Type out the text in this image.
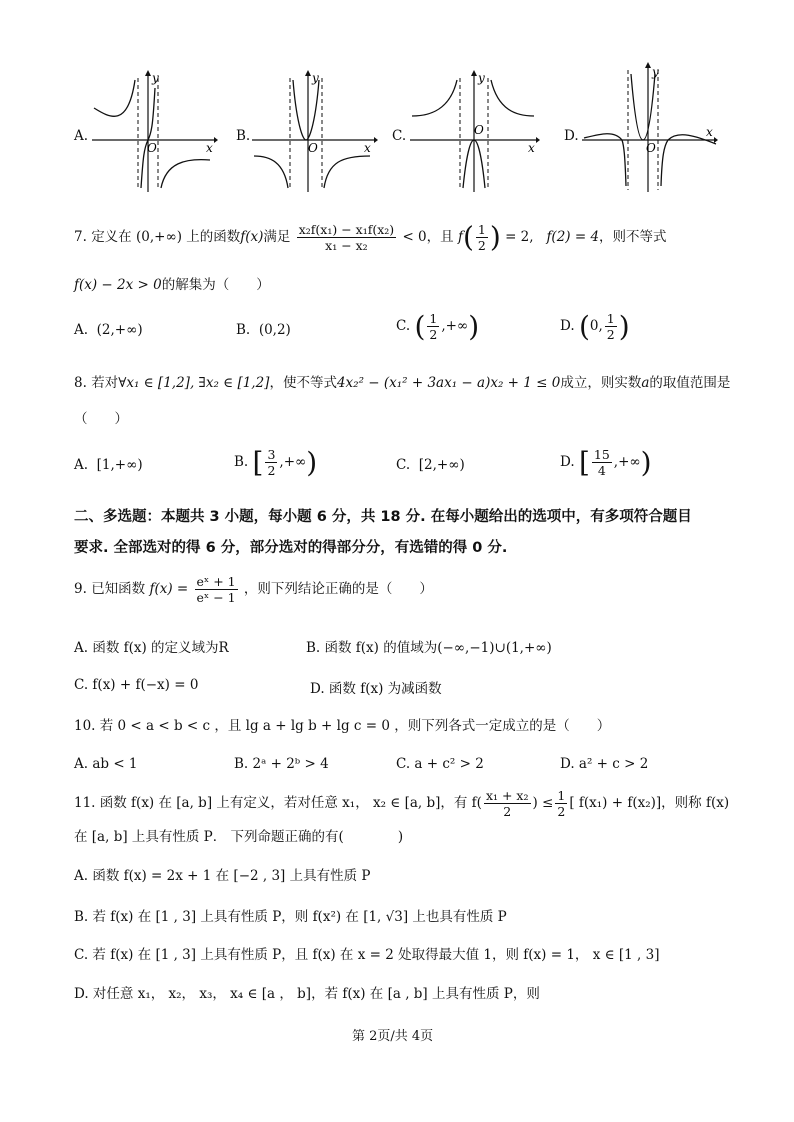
A.
y
x
O
B.
y
x
O
C.
y
x
O	D.
y
x
O
7. 定义在 (0,+∞) 上的函数f(x)满足 $\frac{\text{x₂f(x₁) − x₁f(x₂)}}{\text{x₁ − x₂}} < 0$，且 $f( \frac{1}{2}$ ) = 2, f(2) = 4，则不等式
f(x) − 2x > 0的解集为（　　）
A. (2,+∞)	B. (0,2)	C. ( $\frac{1}{2}$ ,+∞)	D. (0, $\frac{1}{2}$ )
8. 若对∀x₁ ∈ [1,2], ∃x₂ ∈ [1,2]，使不等式4x₂² − (x₁² + 3ax₁ − a)x₂ + 1 ≤ 0成立，则实数a的取值范围是
（　　）
A. [1,+∞)	B. [ $\frac{3}{2}$ ,+∞)	C. [2,+∞)	D. [ $\frac{15}{4}$ ,+∞)
二、多选题：本题共 3 小题，每小题 6 分，共 18 分. 在每小题给出的选项中，有多项符合题目
要求. 全部选对的得 6 分，部分选对的得部分分，有选错的得 0 分.
9. 已知函数 $f(x) = \frac{\text{eˣ + 1}}{\text{eˣ − 1}}$ ，则下列结论正确的是（　　）
A. 函数 f(x) 的定义域为R	B. 函数 f(x) 的值域为(−∞,−1)∪(1,+∞)
C. f(x) + f(−x) = 0	D. 函数 f(x) 为减函数
10. 若 0 < a < b < c ，且 lg a + lg b + lg c = 0 ，则下列各式一定成立的是（　　）
A. ab < 1	B. 2ᵃ + 2ᵇ > 4	C. a + c² > 2	D. a² + c > 2
11. 函数 f(x) 在 [a, b] 上有定义，若对任意 x₁， x₂ ∈ [a, b]，有 $f( \frac{\text{x₁ + x₂}}{2}$ ) ≤ $\frac{1}{2}$ [ f(x₁) + f(x₂)]，则称 f(x)
在 [a, b] 上具有性质 P． 下列命题正确的有(　　　　)
A. 函数 f(x) = 2x + 1 在 [−2 , 3] 上具有性质 P
B. 若 f(x) 在 [1 , 3] 上具有性质 P，则 f(x²) 在 [1, √3] 上也具有性质 P
C. 若 f(x) 在 [1 , 3] 上具有性质 P，且 f(x) 在 x = 2 处取得最大值 1，则 f(x) = 1， x ∈ [1 , 3]
D. 对任意 x₁， x₂， x₃， x₄ ∈ [a ， b]，若 f(x) 在 [a , b] 上具有性质 P，则
第 2页/共 4页
